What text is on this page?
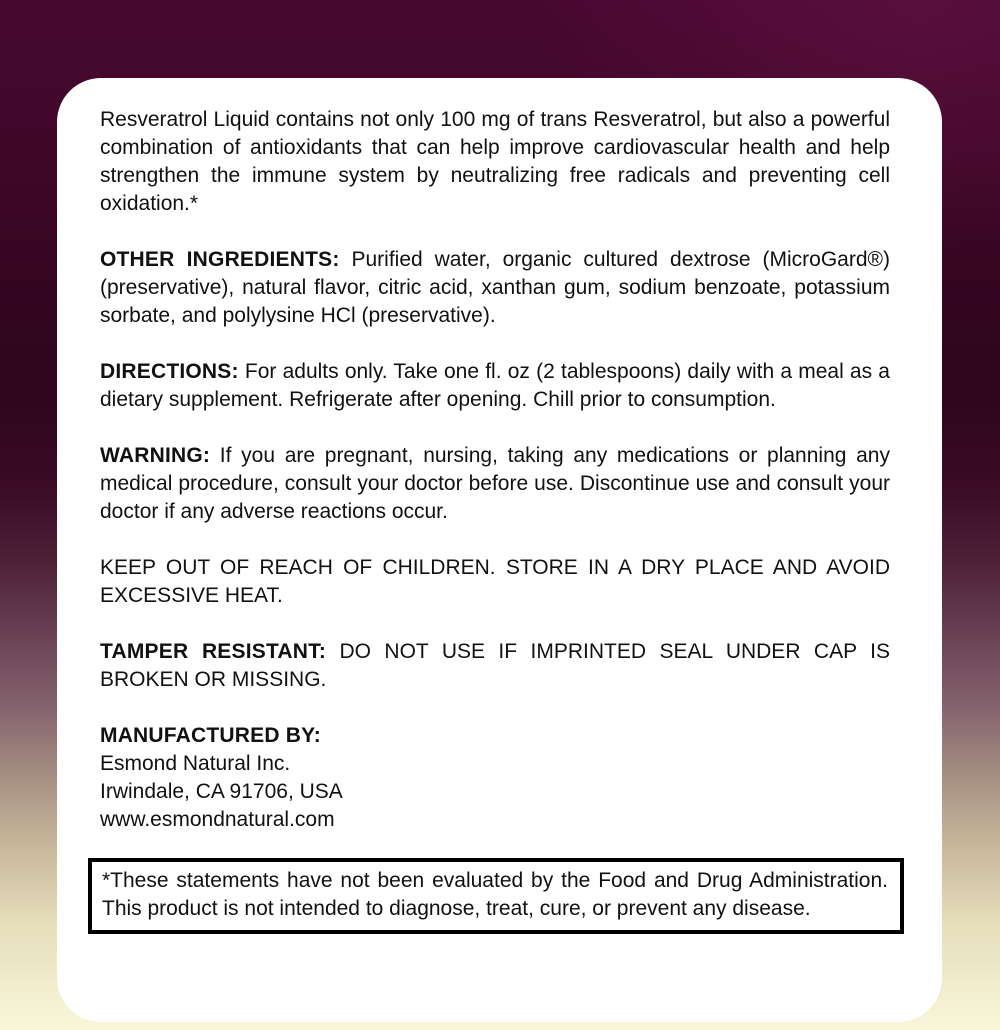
Resveratrol Liquid contains not only 100 mg of trans Resveratrol, but also a powerful combination of antioxidants that can help improve cardiovascular health and help strengthen the immune system by neutralizing free radicals and preventing cell oxidation.*

OTHER INGREDIENTS: Purified water, organic cultured dextrose (MicroGard®) (preservative), natural flavor, citric acid, xanthan gum, sodium benzoate, potassium sorbate, and polylysine HCl (preservative).

DIRECTIONS: For adults only. Take one fl. oz (2 tablespoons) daily with a meal as a dietary supplement. Refrigerate after opening. Chill prior to consumption.

WARNING: If you are pregnant, nursing, taking any medications or planning any medical procedure, consult your doctor before use. Discontinue use and consult your doctor if any adverse reactions occur.

KEEP OUT OF REACH OF CHILDREN. STORE IN A DRY PLACE AND AVOID EXCESSIVE HEAT.

TAMPER RESISTANT: DO NOT USE IF IMPRINTED SEAL UNDER CAP IS BROKEN OR MISSING.

MANUFACTURED BY:
Esmond Natural Inc.
Irwindale, CA 91706, USA
www.esmondnatural.com

*These statements have not been evaluated by the Food and Drug Administration. This product is not intended to diagnose, treat, cure, or prevent any disease.
